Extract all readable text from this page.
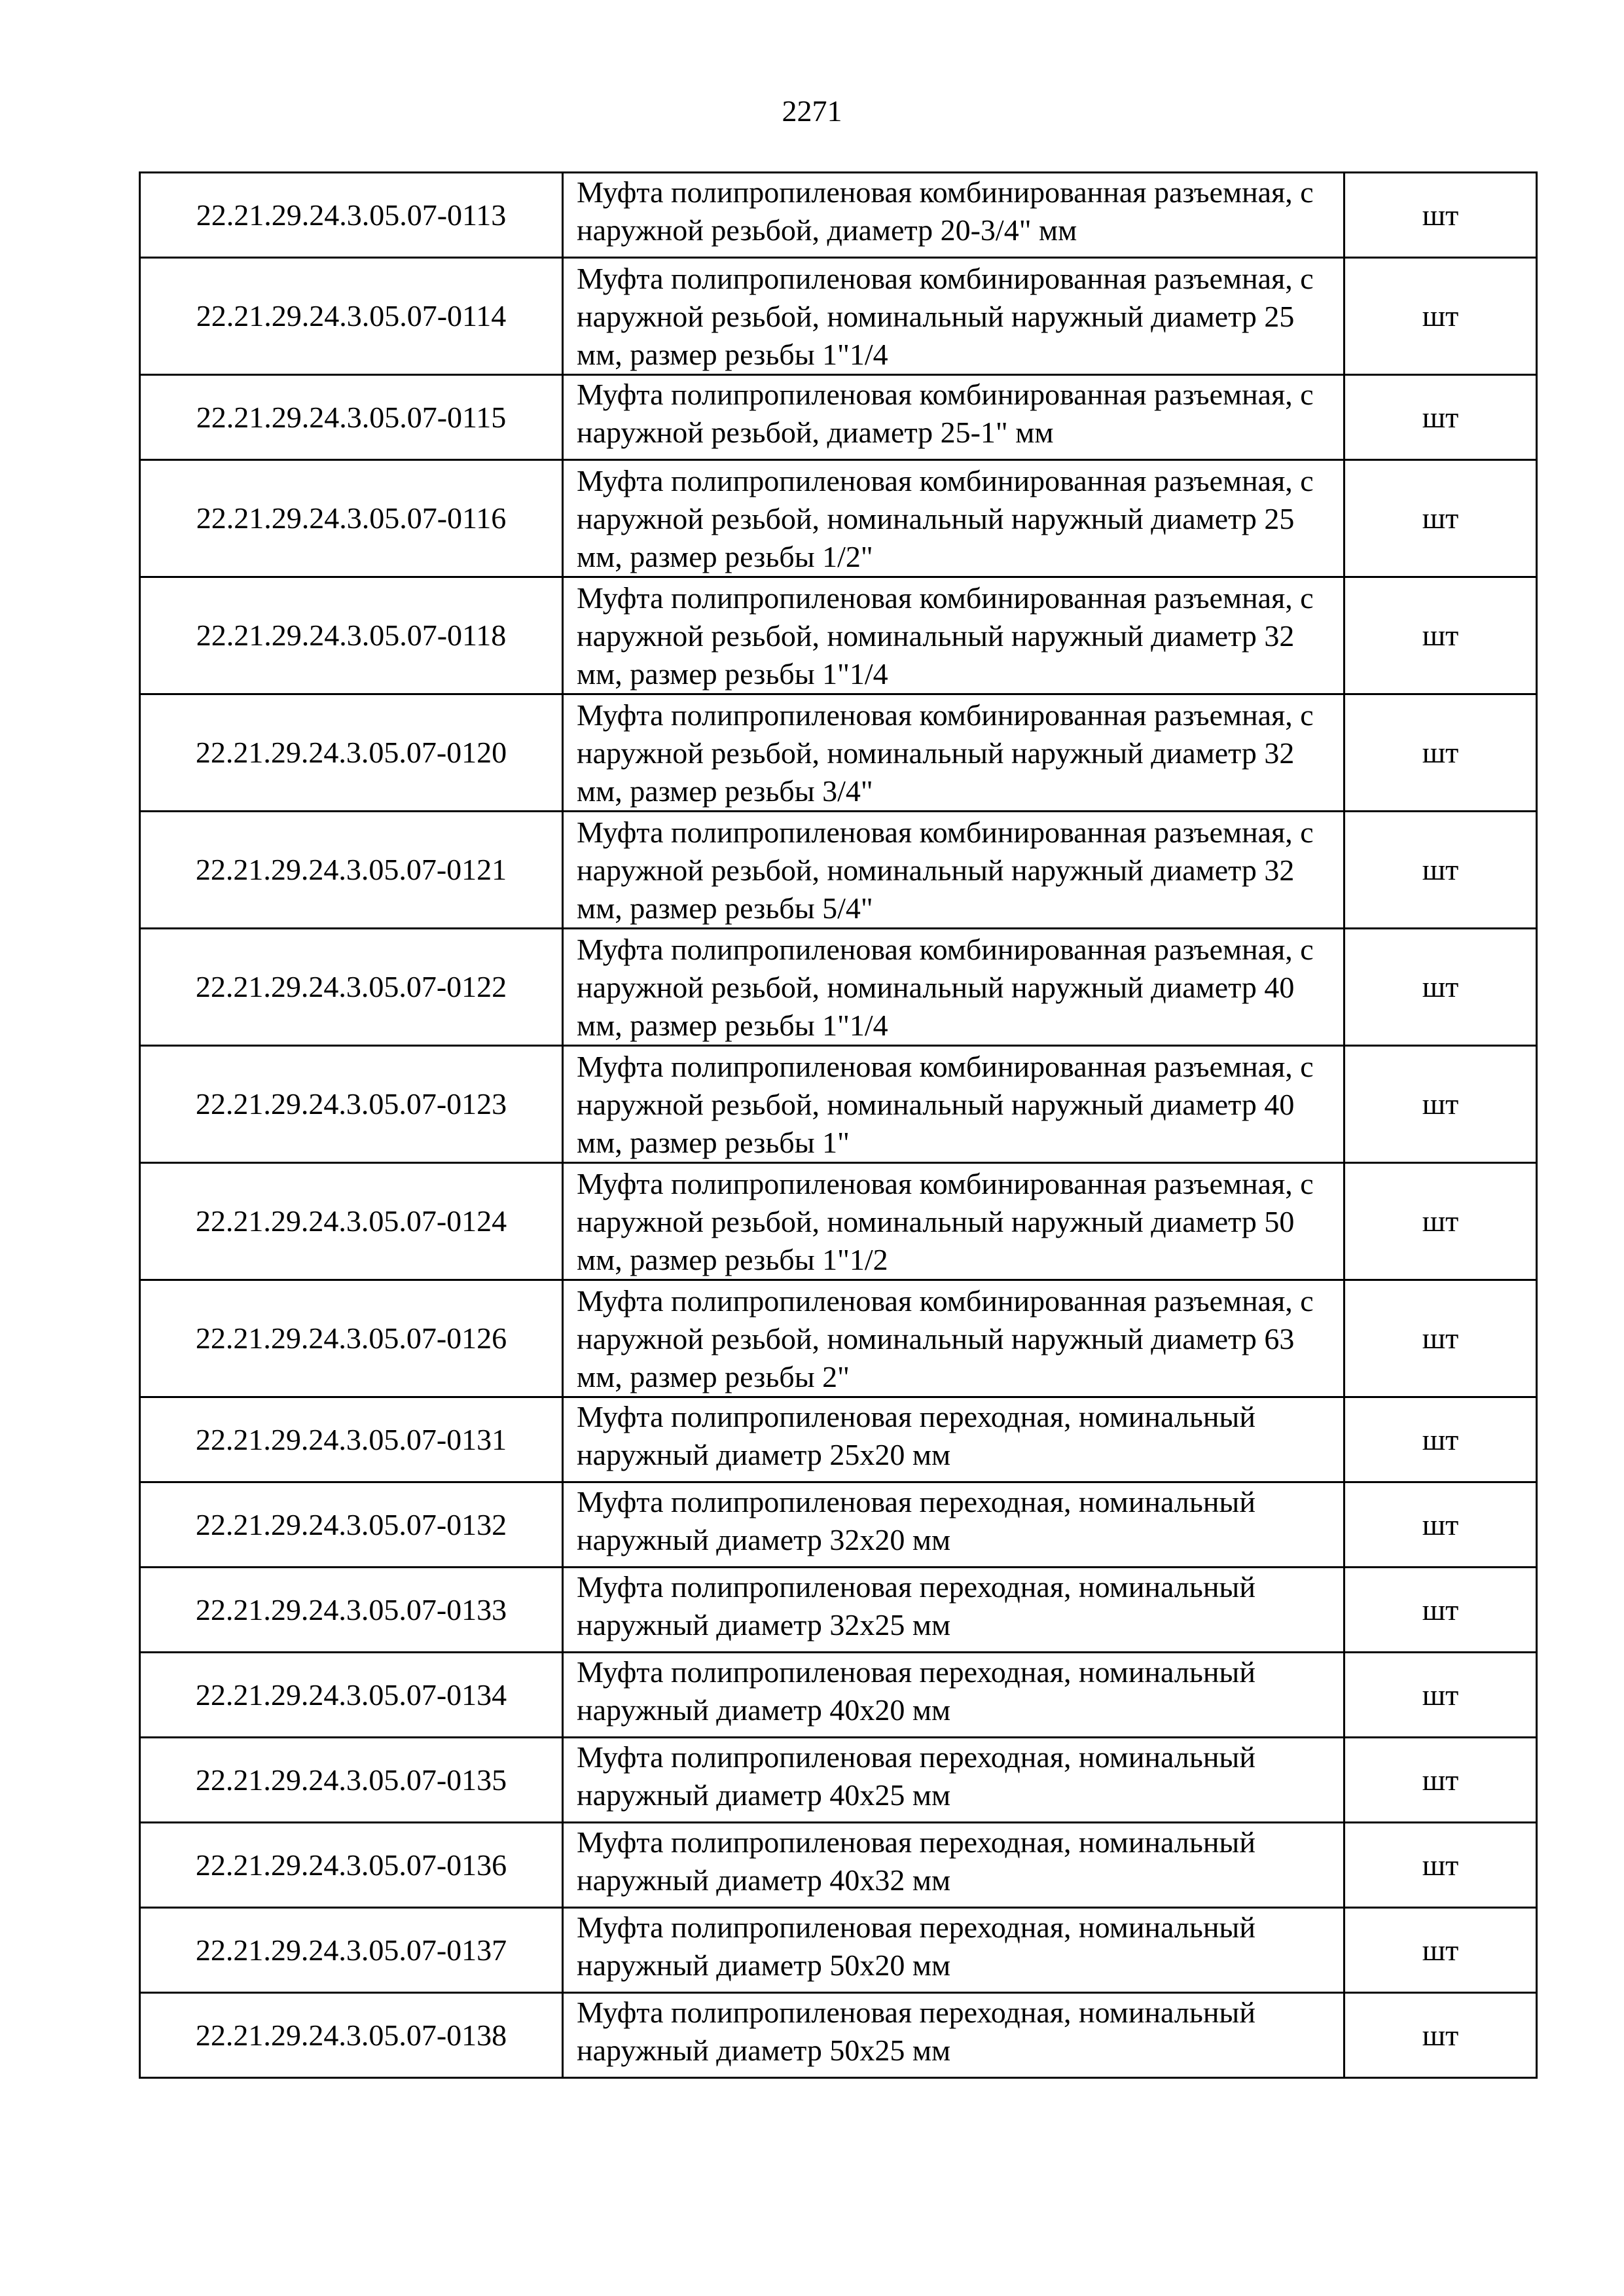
2271
22.21.29.24.3.05.07-0113	Муфта полипропиленовая комбинированная разъемная, с наружной резьбой, диаметр 20-3/4" мм	шт
22.21.29.24.3.05.07-0114	Муфта полипропиленовая комбинированная разъемная, с наружной резьбой, номинальный наружный диаметр 25 мм, размер резьбы 1"1/4	шт
22.21.29.24.3.05.07-0115	Муфта полипропиленовая комбинированная разъемная, с наружной резьбой, диаметр 25-1" мм	шт
22.21.29.24.3.05.07-0116	Муфта полипропиленовая комбинированная разъемная, с наружной резьбой, номинальный наружный диаметр 25 мм, размер резьбы 1/2"	шт
22.21.29.24.3.05.07-0118	Муфта полипропиленовая комбинированная разъемная, с наружной резьбой, номинальный наружный диаметр 32 мм, размер резьбы 1"1/4	шт
22.21.29.24.3.05.07-0120	Муфта полипропиленовая комбинированная разъемная, с наружной резьбой, номинальный наружный диаметр 32 мм, размер резьбы 3/4"	шт
22.21.29.24.3.05.07-0121	Муфта полипропиленовая комбинированная разъемная, с наружной резьбой, номинальный наружный диаметр 32 мм, размер резьбы 5/4"	шт
22.21.29.24.3.05.07-0122	Муфта полипропиленовая комбинированная разъемная, с наружной резьбой, номинальный наружный диаметр 40 мм, размер резьбы 1"1/4	шт
22.21.29.24.3.05.07-0123	Муфта полипропиленовая комбинированная разъемная, с наружной резьбой, номинальный наружный диаметр 40 мм, размер резьбы 1"	шт
22.21.29.24.3.05.07-0124	Муфта полипропиленовая комбинированная разъемная, с наружной резьбой, номинальный наружный диаметр 50 мм, размер резьбы 1"1/2	шт
22.21.29.24.3.05.07-0126	Муфта полипропиленовая комбинированная разъемная, с наружной резьбой, номинальный наружный диаметр 63 мм, размер резьбы 2"	шт
22.21.29.24.3.05.07-0131	Муфта полипропиленовая переходная, номинальный наружный диаметр 25х20 мм	шт
22.21.29.24.3.05.07-0132	Муфта полипропиленовая переходная, номинальный наружный диаметр 32х20 мм	шт
22.21.29.24.3.05.07-0133	Муфта полипропиленовая переходная, номинальный наружный диаметр 32х25 мм	шт
22.21.29.24.3.05.07-0134	Муфта полипропиленовая переходная, номинальный наружный диаметр 40х20 мм	шт
22.21.29.24.3.05.07-0135	Муфта полипропиленовая переходная, номинальный наружный диаметр 40х25 мм	шт
22.21.29.24.3.05.07-0136	Муфта полипропиленовая переходная, номинальный наружный диаметр 40х32 мм	шт
22.21.29.24.3.05.07-0137	Муфта полипропиленовая переходная, номинальный наружный диаметр 50х20 мм	шт
22.21.29.24.3.05.07-0138	Муфта полипропиленовая переходная, номинальный наружный диаметр 50х25 мм	шт
